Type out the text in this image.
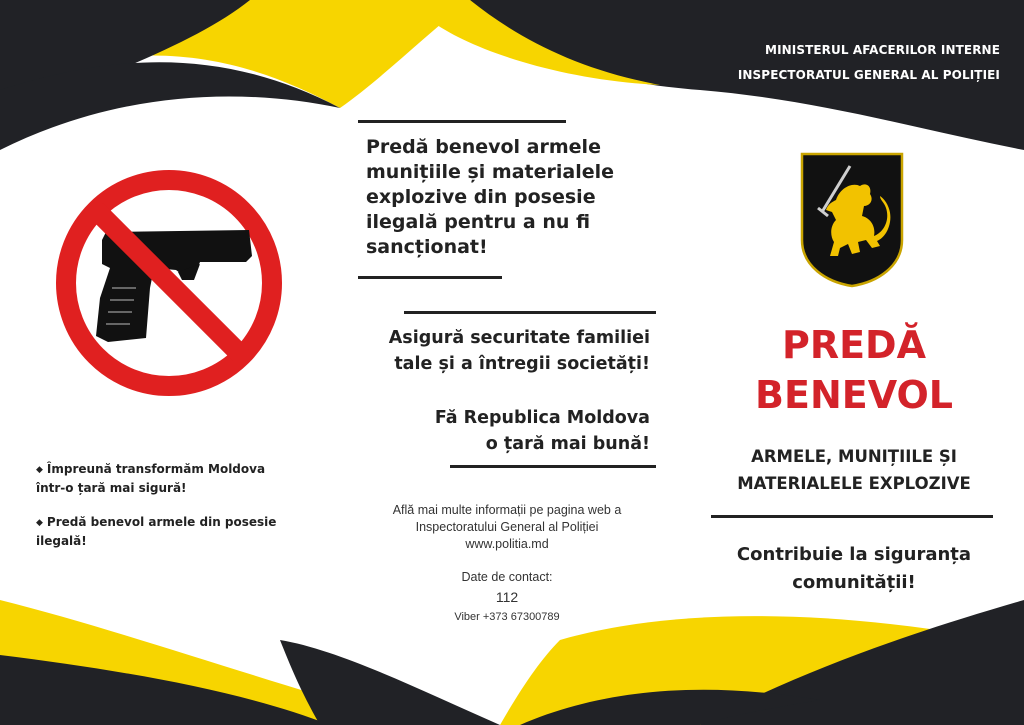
MINISTERUL AFACERILOR INTERNE
INSPECTORATUL GENERAL AL POLIȚIEI
◆ Împreună transformăm Moldova
într-o țară mai sigură!
◆ Predă benevol armele din posesie ilegală!
Predă benevol armele
munițiile și materialele
explozive din posesie
ilegală pentru a nu fi
sancționat!
Asigură securitate familiei
tale și a întregii societăți!
Fă Republica Moldova
o țară mai bună!
Află mai multe informații pe pagina web a
Inspectoratului General al Poliției
www.politia.md
Date de contact:
112
Viber +373 67300789
PREDĂ
BENEVOL
ARMELE, MUNIȚIILE ȘI
MATERIALELE EXPLOZIVE
Contribuie la siguranța
comunității!
